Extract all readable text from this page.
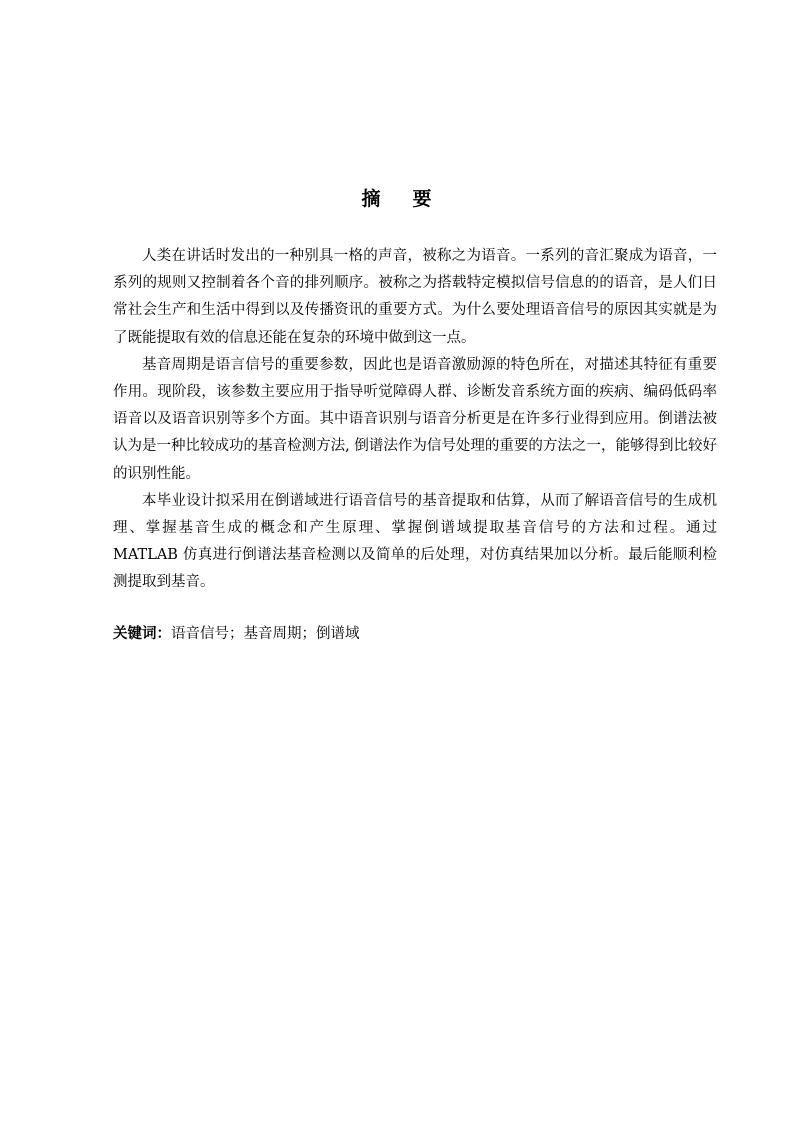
摘要

人类在讲话时发出的一种别具一格的声音，被称之为语音。一系列的音汇聚成为语音，一系列的规则又控制着各个音的排列顺序。被称之为搭载特定模拟信号信息的的语音，是人们日常社会生产和生活中得到以及传播资讯的重要方式。为什么要处理语音信号的原因其实就是为了既能提取有效的信息还能在复杂的环境中做到这一点。

基音周期是语言信号的重要参数，因此也是语音激励源的特色所在，对描述其特征有重要作用。现阶段，该参数主要应用于指导听觉障碍人群、诊断发音系统方面的疾病、编码低码率语音以及语音识别等多个方面。其中语音识别与语音分析更是在许多行业得到应用。倒谱法被认为是一种比较成功的基音检测方法, 倒谱法作为信号处理的重要的方法之一，能够得到比较好的识别性能。

本毕业设计拟采用在倒谱域进行语音信号的基音提取和估算，从而了解语音信号的生成机理、掌握基音生成的概念和产生原理、掌握倒谱域提取基音信号的方法和过程。通过 MATLAB 仿真进行倒谱法基音检测以及简单的后处理，对仿真结果加以分析。最后能顺利检测提取到基音。

关键词：语音信号；基音周期；倒谱域
